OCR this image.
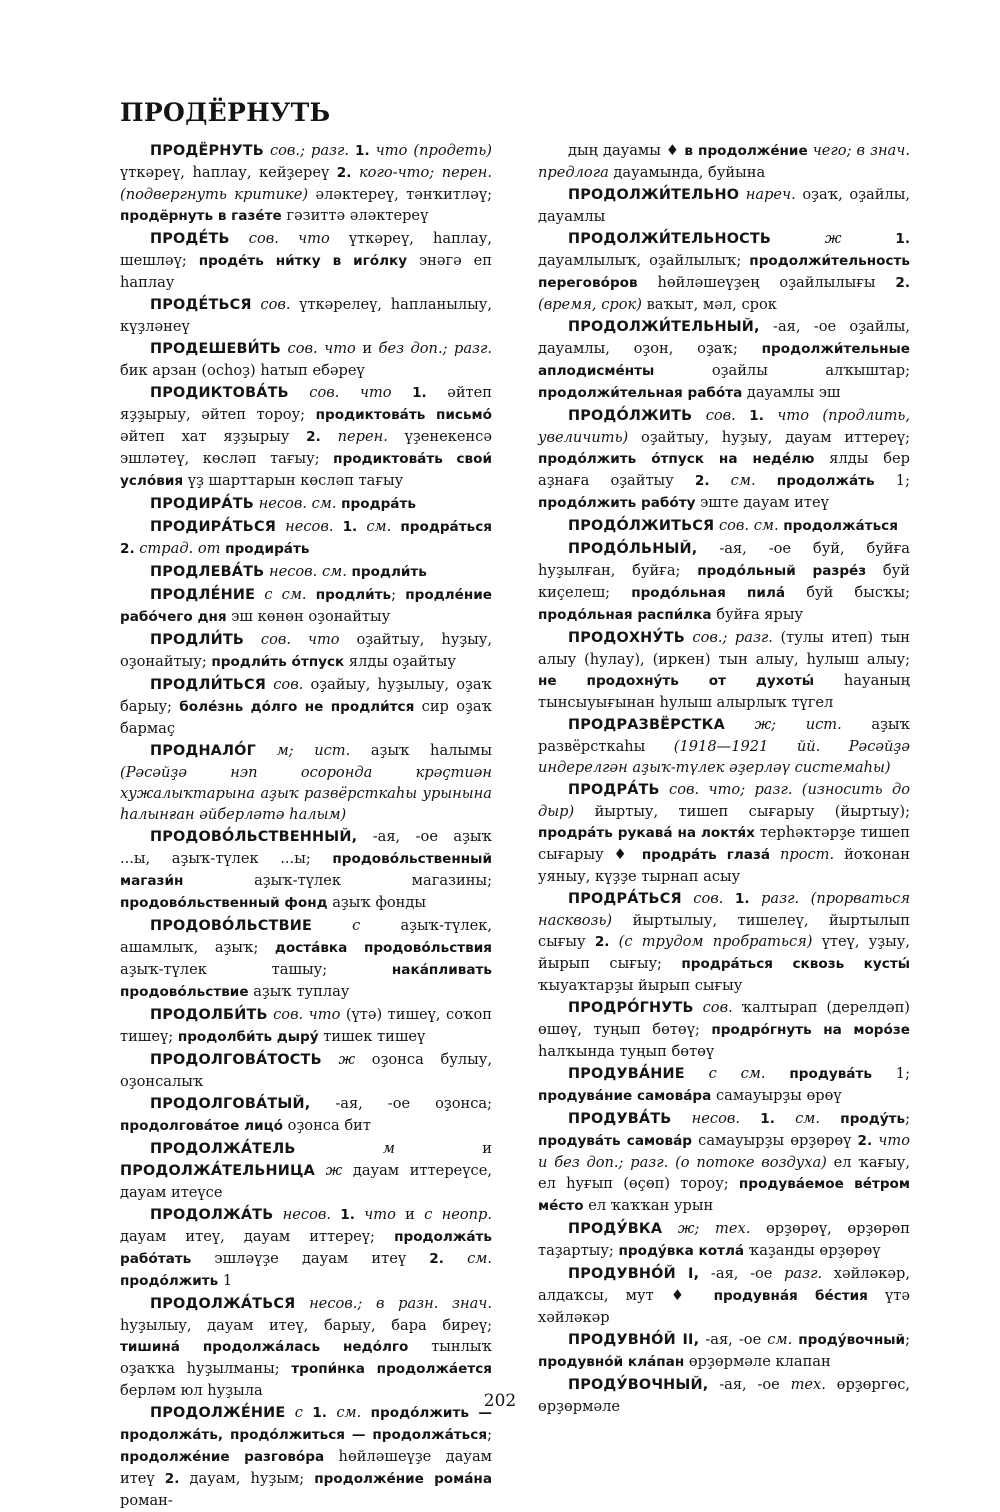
ПРОДЁРНУТЬ

ПРОДЁРНУТЬ сов.; разг. 1. что (продеть) үткәреү, һаплау, кейҙереү 2. кого-что; перен. (подвергнуть критике) әләктереү, тәнҡитләү; продёрнуть в газе́те гәзиттә әләктереү

ПРОДЕ́ТЬ сов. что үткәреү, һаплау, шешләү; проде́ть ни́тку в иго́лку энәгә еп һаплау

ПРОДЕ́ТЬСЯ сов. үткәрелеү, һапланылыу, күҙләнеү

ПРОДЕШЕВИ́ТЬ сов. что и без доп.; разг. бик арзан (осһоҙ) һатып ебәреү

ПРОДИКТОВА́ТЬ сов. что 1. әйтеп яҙҙырыу, әйтеп тороу; продиктова́ть письмо́ әйтеп хат яҙҙырыу 2. перен. үҙенекенсә эшләтеү, көсләп тағыу; продиктова́ть свои́ усло́вия үҙ шарттарын көсләп тағыу

ПРОДИРА́ТЬ несов. см. продра́ть

ПРОДИРА́ТЬСЯ несов. 1. см. продра́ться 2. страд. от продира́ть

ПРОДЛЕВА́ТЬ несов. см. продли́ть

ПРОДЛЕ́НИЕ с см. продли́ть; продле́ние рабо́чего дня эш көнөн оҙонайтыу

ПРОДЛИ́ТЬ сов. что оҙайтыу, һуҙыу, оҙонайтыу; продли́ть о́тпуск ялды оҙайтыу

ПРОДЛИ́ТЬСЯ сов. оҙайыу, һуҙылыу, оҙаҡ барыу; боле́знь до́лго не продли́тся сир оҙаҡ бармаҫ

ПРОДНАЛО́Г м; ист. аҙыҡ һалымы (Рәсәйҙә нэп осоронда крәҫтиән хужалыҡтарына аҙыҡ развёрсткаһы урынына һалынған әйберләтә һалым)

ПРОДОВО́ЛЬСТВЕННЫЙ, -ая, -ое аҙыҡ ...ы, аҙыҡ-түлек ...ы; продово́льственный магази́н аҙыҡ-түлек магазины; продово́льственный фонд аҙыҡ фонды

ПРОДОВО́ЛЬСТВИЕ с аҙыҡ-түлек, ашамлыҡ, аҙыҡ; доста́вка продово́льствия аҙыҡ-түлек ташыу; нака́пливать продово́льствие аҙыҡ туплау

ПРОДОЛБИ́ТЬ сов. что (үтә) тишеү, соҡоп тишеү; продолби́ть дыру́ тишек тишеү

ПРОДОЛГОВА́ТОСТЬ ж оҙонса булыу, оҙонсалыҡ

ПРОДОЛГОВА́ТЫЙ, -ая, -ое оҙонса; продолгова́тое лицо́ оҙонса бит

ПРОДОЛЖА́ТЕЛЬ м и ПРОДОЛЖА́ТЕЛЬНИЦА ж дауам иттереүсе, дауам итеүсе

ПРОДОЛЖА́ТЬ несов. 1. что и с неопр. дауам итеү, дауам иттереү; продолжа́ть рабо́тать эшләүҙе дауам итеү 2. см. продо́лжить 1

ПРОДОЛЖА́ТЬСЯ несов.; в разн. знач. һуҙылыу, дауам итеү, барыу, бара биреү; тишина́ продолжа́лась недо́лго тынлыҡ оҙаҡҡа һуҙылманы; тропи́нка продолжа́ется берләм юл һуҙыла

ПРОДОЛЖЕ́НИЕ с 1. см. продо́лжить — продолжа́ть, продо́лжиться — продолжа́ться; продолже́ние разгово́ра һөйләшеүҙе дауам итеү 2. дауам, һуҙым; продолже́ние рома́на роман-

дың дауамы ♦ в продолже́ние чего; в знач. предлога дауамында, буйына

ПРОДОЛЖИ́ТЕЛЬНО нареч. оҙаҡ, оҙайлы, дауамлы

ПРОДОЛЖИ́ТЕЛЬНОСТЬ ж 1. дауамлылыҡ, оҙайлылыҡ; продолжи́тельность перегово́ров һөйләшеүҙең оҙайлылығы 2. (время, срок) ваҡыт, мәл, срок

ПРОДОЛЖИ́ТЕЛЬНЫЙ, -ая, -ое оҙайлы, дауамлы, оҙон, оҙаҡ; продолжи́тельные аплодисме́нты оҙайлы алҡыштар; продолжи́тельная рабо́та дауамлы эш

ПРОДО́ЛЖИТЬ сов. 1. что (продлить, увеличить) оҙайтыу, һуҙыу, дауам иттереү; продо́лжить о́тпуск на неде́лю ялды бер аҙнаға оҙайтыу 2. см. продолжа́ть 1; продо́лжить рабо́ту эште дауам итеү

ПРОДО́ЛЖИТЬСЯ сов. см. продолжа́ться

ПРОДО́ЛЬНЫЙ, -ая, -ое буй, буйға һуҙылған, буйға; продо́льный разре́з буй киҫелеш; продо́льная пила́ буй бысҡы; продо́льная распи́лка буйға ярыу

ПРОДОХНУ́ТЬ сов.; разг. (тулы итеп) тын алыу (һулау), (иркен) тын алыу, һулыш алыу; не продохну́ть от духоты́ һауаның тынсыуығынан һулыш алырлыҡ түгел

ПРОДРАЗВЁРСТКА ж; ист. аҙыҡ развёрсткаһы (1918—1921 йй. Рәсәйҙә индерелгән аҙыҡ-түлек әҙерләү системаһы)

ПРОДРА́ТЬ сов. что; разг. (износить до дыр) йыртыу, тишеп сығарыу (йыртыу); продра́ть рукава́ на локтя́х терһәктәрҙе тишеп сығарыу ♦ продра́ть глаза́ прост. йоҡонан уяныу, күҙҙе тырнап асыу

ПРОДРА́ТЬСЯ сов. 1. разг. (прорваться насквозь) йыртылыу, тишелеү, йыртылып сығыу 2. (с трудом пробраться) үтеү, уҙыу, йырып сығыу; продра́ться сквозь кусты́ ҡыуаҡтарҙы йырып сығыу

ПРОДРО́ГНУТЬ сов. ҡалтырап (дерелдәп) өшөү, туңып бөтөү; продро́гнуть на моро́зе һалҡында туңып бөтөү

ПРОДУВА́НИЕ с см. продува́ть 1; продува́ние самова́ра самауырҙы өрөү

ПРОДУВА́ТЬ несов. 1. см. проду́ть; продува́ть самова́р самауырҙы өрҙөрөү 2. что и без доп.; разг. (о потоке воздуха) ел ҡағыу, ел һуғып (өҫөп) тороу; продува́емое ве́тром ме́сто ел ҡаҡҡан урын

ПРОДУ́ВКА ж; тех. өрҙөрөү, өрҙөрөп таҙартыу; проду́вка котла́ ҡаҙанды өрҙөрөү

ПРОДУВНО́Й I, -ая, -ое разг. хәйләкәр, алдаҡсы, мут ♦ продувна́я бе́стия үтә хәйләкәр

ПРОДУВНО́Й II, -ая, -ое см. проду́вочный; продувно́й кла́пан өрҙөрмәле клапан

ПРОДУ́ВОЧНЫЙ, -ая, -ое тех. өрҙөргөс, өрҙөрмәле

202
